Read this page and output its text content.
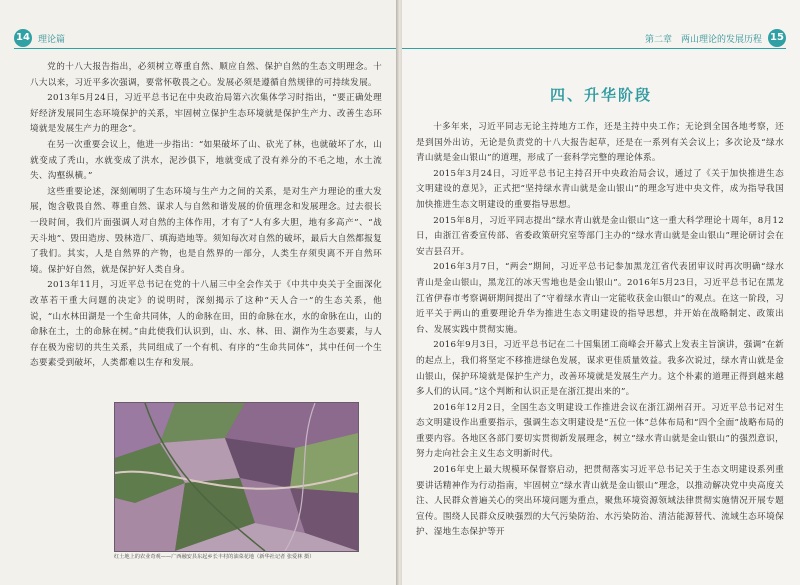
14 理论篇

党的十八大报告指出，必须树立尊重自然、顺应自然、保护自然的生态文明理念。十八大以来，习近平多次强调，要常怀敬畏之心。发展必须是遵循自然规律的可持续发展。

2013年5月24日，习近平总书记在中央政治局第六次集体学习时指出，“要正确处理好经济发展同生态环境保护的关系，牢固树立保护生态环境就是保护生产力、改善生态环境就是发展生产力的理念”。

在另一次重要会议上，他进一步指出：“如果破坏了山、砍光了林，也就破坏了水，山就变成了秃山，水就变成了洪水，泥沙俱下，地就变成了没有养分的不毛之地，水土流失、沟壑纵横。”

这些重要论述，深刻阐明了生态环境与生产力之间的关系，是对生产力理论的重大发展，饱含敬畏自然、尊重自然、谋求人与自然和谐发展的价值理念和发展理念。过去很长一段时间，我们片面强调人对自然的主体作用，才有了“人有多大胆，地有多高产”、“战天斗地”、毁田造房、毁林造厂、填海造地等。须知每次对自然的破坏，最后大自然都报复了我们。其实，人是自然界的产物，也是自然界的一部分，人类生存须臾离不开自然环境。保护好自然，就是保护好人类自身。

2013年11月，习近平总书记在党的十八届三中全会作关于《中共中央关于全面深化改革若干重大问题的决定》的说明时，深刻揭示了这种“天人合一”的生态关系，他说，“山水林田湖是一个生命共同体，人的命脉在田，田的命脉在水，水的命脉在山，山的命脉在土，土的命脉在树。”由此使我们认识到，山、水、林、田、湖作为生态要素，与人存在极为密切的共生关系，共同组成了一个有机、有序的“生命共同体”，其中任何一个生态要素受到破坏，人类都难以生存和发展。

红土地上的农业奇观——广西融安县东起乡长丰村的油菜花地（新华社记者 张爱林 摄）
第二章　两山理论的发展历程 15
四、升华阶段

十多年来，习近平同志无论主持地方工作，还是主持中央工作；无论到全国各地考察，还是到国外出访，无论是负责党的十八大报告起草，还是在一系列有关会议上；多次论及“绿水青山就是金山银山”的道理，形成了一套科学完整的理论体系。

2015年3月24日，习近平总书记主持召开中央政治局会议，通过了《关于加快推进生态文明建设的意见》，正式把“坚持绿水青山就是金山银山”的理念写进中央文件，成为指导我国加快推进生态文明建设的重要指导思想。

2015年8月，习近平同志提出“绿水青山就是金山银山”这一重大科学理论十周年，8月12日，由浙江省委宣传部、省委政策研究室等部门主办的“绿水青山就是金山银山”理论研讨会在安吉县召开。

2016年3月7日，“两会”期间，习近平总书记参加黑龙江省代表团审议时再次明确“绿水青山是金山银山，黑龙江的冰天雪地也是金山银山”。2016年5月23日，习近平总书记在黑龙江省伊春市考察调研期间提出了“守着绿水青山一定能收获金山银山”的观点。在这一阶段，习近平关于两山的重要理论升华为推进生态文明建设的指导思想，并开始在战略制定、政策出台、发展实践中贯彻实施。

2016年9月3日，习近平总书记在二十国集团工商峰会开幕式上发表主旨演讲，强调“在新的起点上，我们将坚定不移推进绿色发展，谋求更佳质量效益。我多次说过，绿水青山就是金山银山，保护环境就是保护生产力，改善环境就是发展生产力。这个朴素的道理正得到越来越多人们的认同。”这个判断和认识正是在浙江提出来的”。

2016年12月2日，全国生态文明建设工作推进会议在浙江湖州召开。习近平总书记对生态文明建设作出重要指示，强调生态文明建设是“五位一体”总体布局和“四个全面”战略布局的重要内容。各地区各部门要切实贯彻新发展理念，树立“绿水青山就是金山银山”的强烈意识，努力走向社会主义生态文明新时代。

2016年史上最大规模环保督察启动，把贯彻落实习近平总书记关于生态文明建设系列重要讲话精神作为行动指南，牢固树立“绿水青山就是金山银山”理念，以推动解决党中央高度关注、人民群众普遍关心的突出环境问题为重点，聚焦环境资源领域法律贯彻实施情况开展专题宣传。围绕人民群众反映强烈的大气污染防治、水污染防治、清洁能源替代、流域生态环境保护、湿地生态保护等开
